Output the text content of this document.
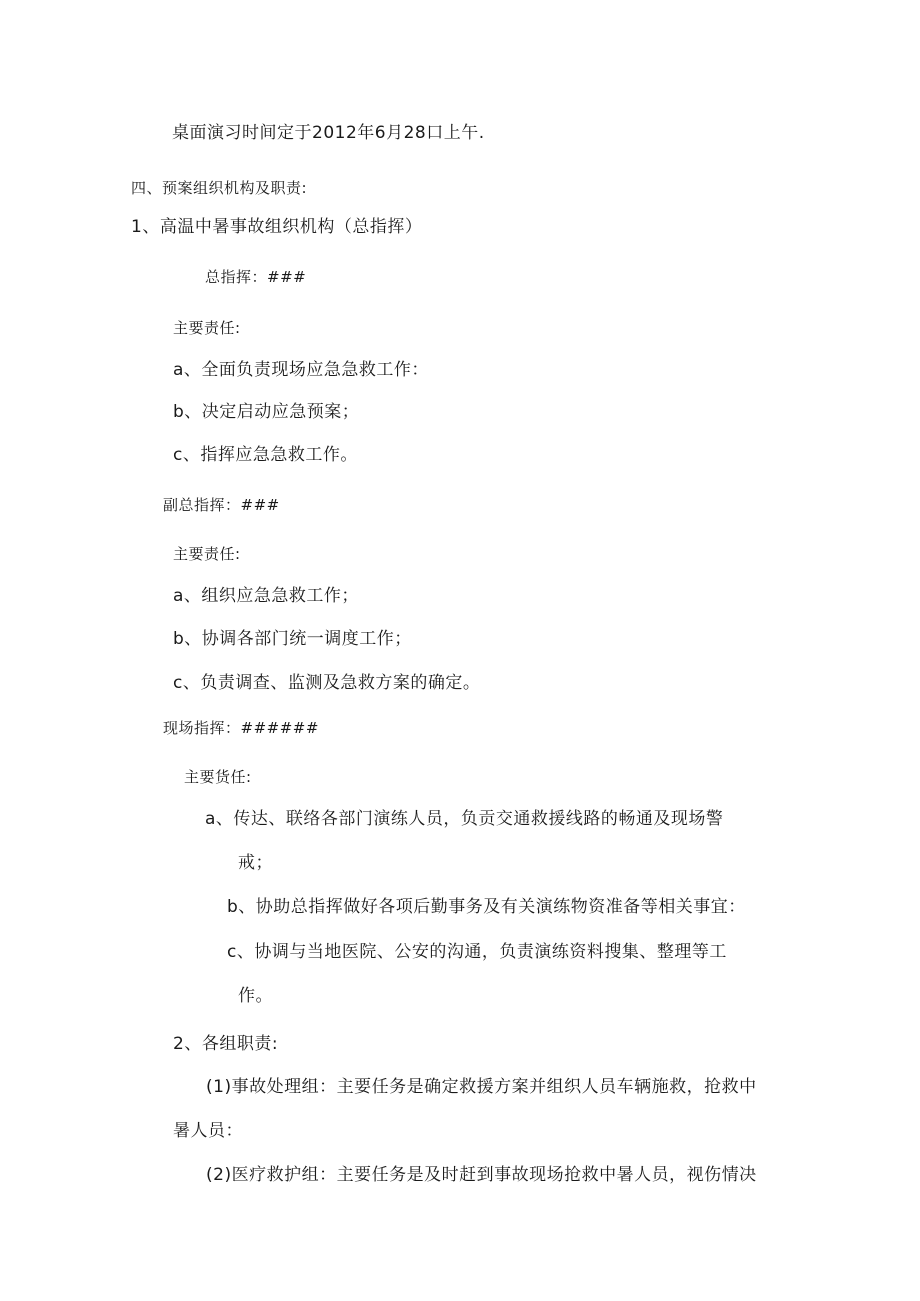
桌面演习时间定于2012年6月28口上午.
四、预案组织机构及职责:
1、高温中暑事故组织机构（总指挥）
总指挥：###
主要责任:
a、全面负责现场应急急救工作：
b、决定启动应急预案；
c、指挥应急急救工作。
副总指挥：###
主要责任:
a、组织应急急救工作；
b、协调各部门统一调度工作；
c、负责调查、监测及急救方案的确定。
现场指挥：######
主要货任:
a、传达、联络各部门演练人员，负贡交通救援线路的畅通及现场警
戒；
b、协助总指挥做好各项后勤事务及有关演练物资准备等相关事宜：
c、协调与当地医院、公安的沟通，负责演练资料搜集、整理等工
作。
2、各组职责:
(1)事故处理组：主要任务是确定救援方案并组织人员车辆施救，抢救中
暑人员：
(2)医疗救护组：主要任务是及时赶到事故现场抢救中暑人员，视伤情决
